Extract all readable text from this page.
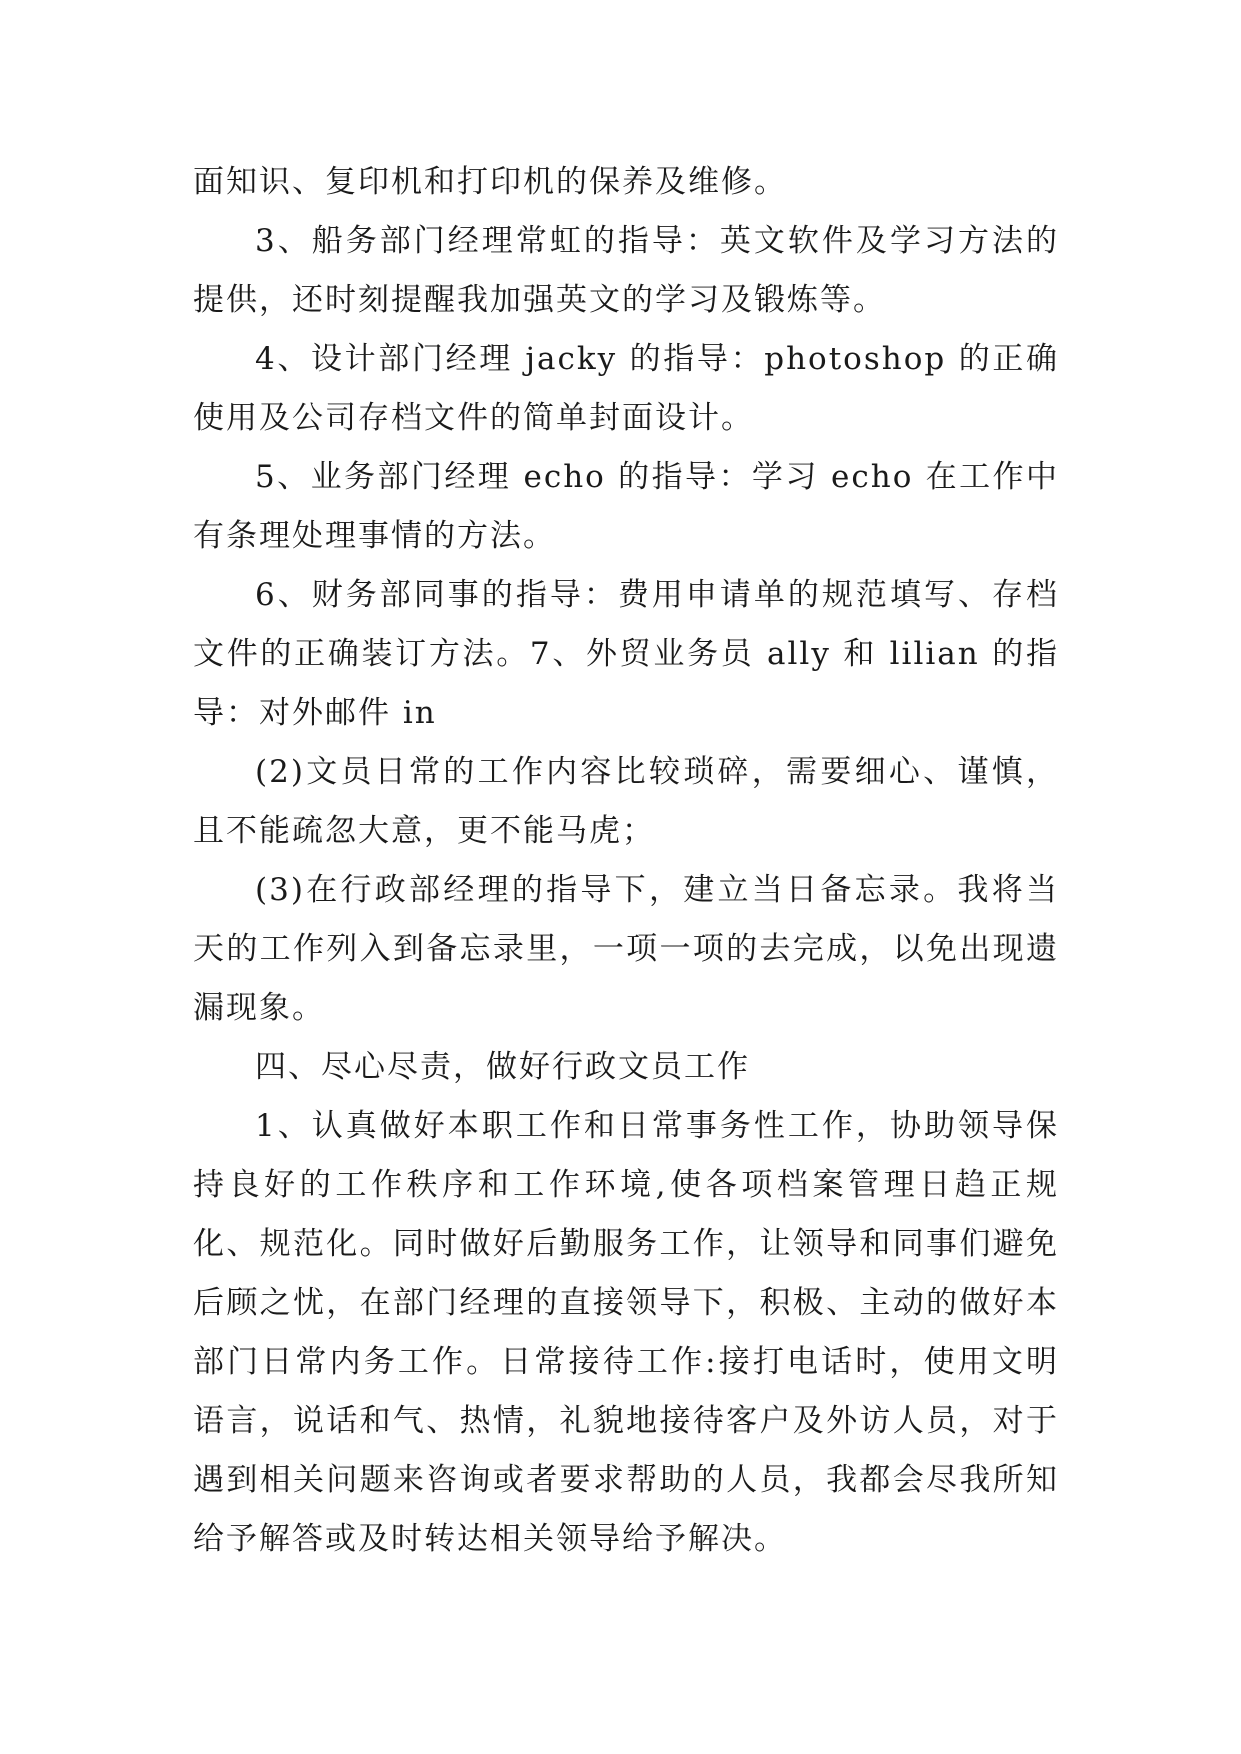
面知识、复印机和打印机的保养及维修。

3、船务部门经理常虹的指导：英文软件及学习方法的提供，还时刻提醒我加强英文的学习及锻炼等。

4、设计部门经理 jacky 的指导：photoshop 的正确使用及公司存档文件的简单封面设计。

5、业务部门经理 echo 的指导：学习 echo 在工作中有条理处理事情的方法。

6、财务部同事的指导：费用申请单的规范填写、存档文件的正确装订方法。7、外贸业务员 ally 和 lilian 的指导：对外邮件 in

(2)文员日常的工作内容比较琐碎，需要细心、谨慎，且不能疏忽大意，更不能马虎；

(3)在行政部经理的指导下，建立当日备忘录。我将当天的工作列入到备忘录里，一项一项的去完成，以免出现遗漏现象。

四、尽心尽责，做好行政文员工作

1、认真做好本职工作和日常事务性工作，协助领导保持良好的工作秩序和工作环境,使各项档案管理日趋正规化、规范化。同时做好后勤服务工作，让领导和同事们避免后顾之忧，在部门经理的直接领导下，积极、主动的做好本部门日常内务工作。日常接待工作:接打电话时，使用文明语言，说话和气、热情，礼貌地接待客户及外访人员，对于遇到相关问题来咨询或者要求帮助的人员，我都会尽我所知给予解答或及时转达相关领导给予解决。
